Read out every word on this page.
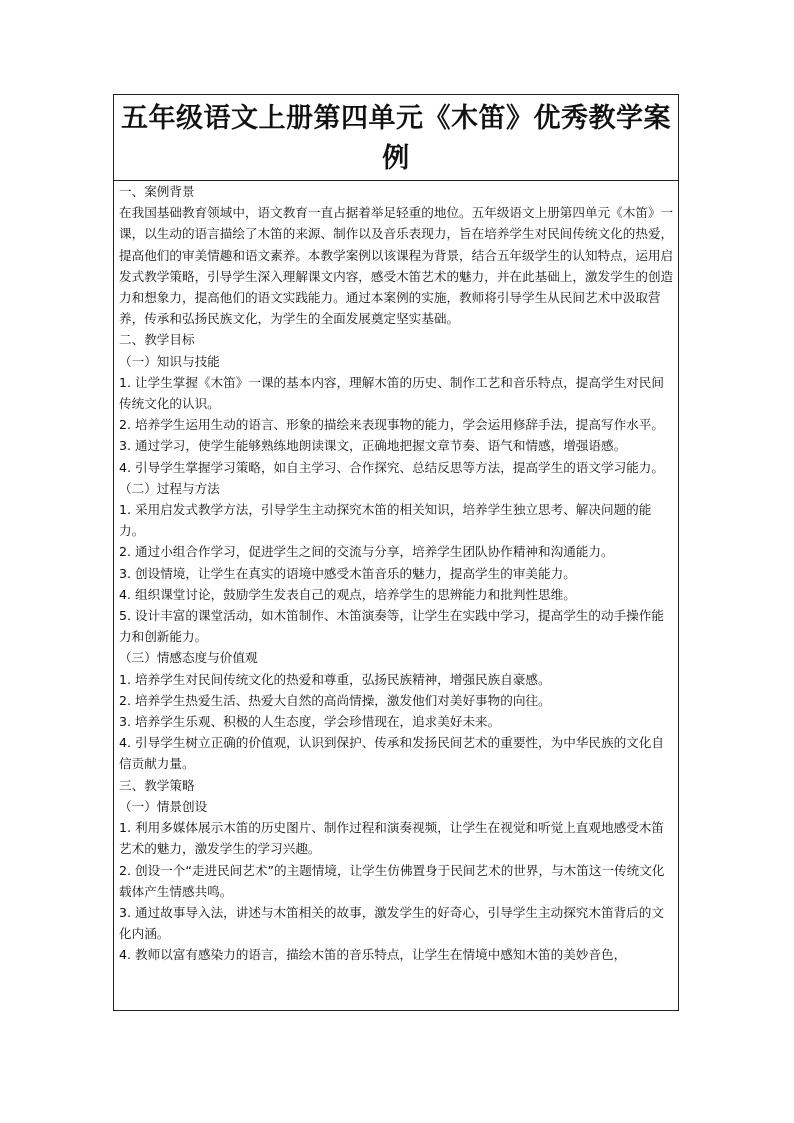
五年级语文上册第四单元《木笛》优秀教学案例

一、案例背景

在我国基础教育领域中，语文教育一直占据着举足轻重的地位。五年级语文上册第四单元《木笛》一课，以生动的语言描绘了木笛的来源、制作以及音乐表现力，旨在培养学生对民间传统文化的热爱，提高他们的审美情趣和语文素养。本教学案例以该课程为背景，结合五年级学生的认知特点，运用启发式教学策略，引导学生深入理解课文内容，感受木笛艺术的魅力，并在此基础上，激发学生的创造力和想象力，提高他们的语文实践能力。通过本案例的实施，教师将引导学生从民间艺术中汲取营养，传承和弘扬民族文化，为学生的全面发展奠定坚实基础。

二、教学目标

（一）知识与技能

1. 让学生掌握《木笛》一课的基本内容，理解木笛的历史、制作工艺和音乐特点，提高学生对民间传统文化的认识。

2. 培养学生运用生动的语言、形象的描绘来表现事物的能力，学会运用修辞手法，提高写作水平。

3. 通过学习，使学生能够熟练地朗读课文，正确地把握文章节奏、语气和情感，增强语感。

4. 引导学生掌握学习策略，如自主学习、合作探究、总结反思等方法，提高学生的语文学习能力。

（二）过程与方法

1. 采用启发式教学方法，引导学生主动探究木笛的相关知识，培养学生独立思考、解决问题的能力。

2. 通过小组合作学习，促进学生之间的交流与分享，培养学生团队协作精神和沟通能力。

3. 创设情境，让学生在真实的语境中感受木笛音乐的魅力，提高学生的审美能力。

4. 组织课堂讨论，鼓励学生发表自己的观点，培养学生的思辨能力和批判性思维。

5. 设计丰富的课堂活动，如木笛制作、木笛演奏等，让学生在实践中学习，提高学生的动手操作能力和创新能力。

（三）情感态度与价值观

1. 培养学生对民间传统文化的热爱和尊重，弘扬民族精神，增强民族自豪感。

2. 培养学生热爱生活、热爱大自然的高尚情操，激发他们对美好事物的向往。

3. 培养学生乐观、积极的人生态度，学会珍惜现在，追求美好未来。

4. 引导学生树立正确的价值观，认识到保护、传承和发扬民间艺术的重要性，为中华民族的文化自信贡献力量。

三、教学策略

（一）情景创设

1. 利用多媒体展示木笛的历史图片、制作过程和演奏视频，让学生在视觉和听觉上直观地感受木笛艺术的魅力，激发学生的学习兴趣。

2. 创设一个“走进民间艺术”的主题情境，让学生仿佛置身于民间艺术的世界，与木笛这一传统文化载体产生情感共鸣。

3. 通过故事导入法，讲述与木笛相关的故事，激发学生的好奇心，引导学生主动探究木笛背后的文化内涵。

4. 教师以富有感染力的语言，描绘木笛的音乐特点，让学生在情境中感知木笛的美妙音色，
